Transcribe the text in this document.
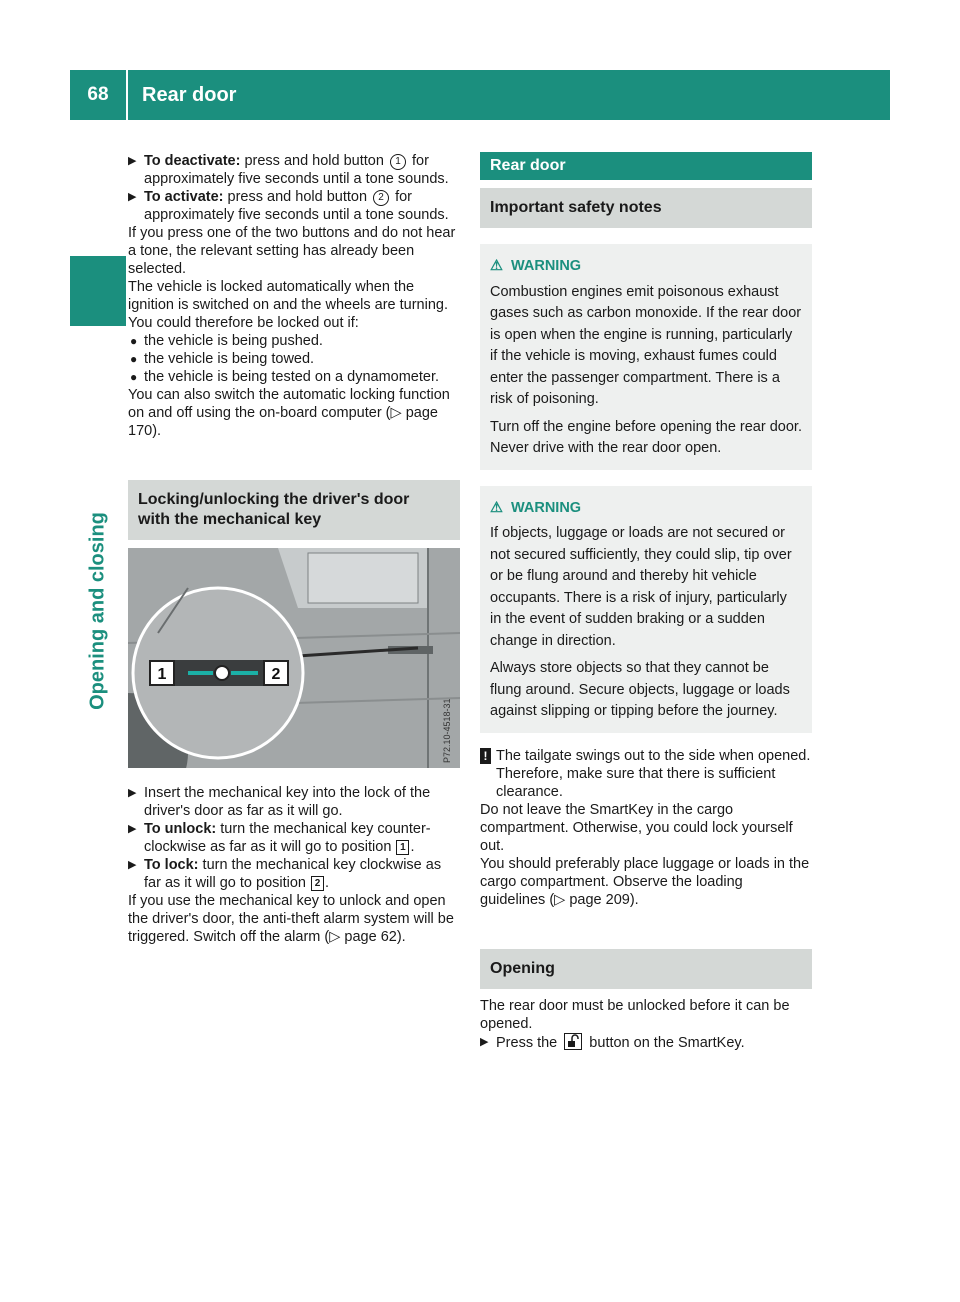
68	Rear door
Opening and closing
▶ To deactivate: press and hold button 1 for approximately five seconds until a tone sounds.
▶ To activate: press and hold button 2 for approximately five seconds until a tone sounds.

If you press one of the two buttons and do not hear a tone, the relevant setting has already been selected.

The vehicle is locked automatically when the ignition is switched on and the wheels are turning.

You could therefore be locked out if:

● the vehicle is being pushed.
● the vehicle is being towed.
● the vehicle is being tested on a dynamometer.

You can also switch the automatic locking function on and off using the on-board computer (▷ page 170).

Locking/unlocking the driver's door
with the mechanical key
1	2
P72.10-4518-31
▶ Insert the mechanical key into the lock of the driver's door as far as it will go.
▶ To unlock: turn the mechanical key counter-clockwise as far as it will go to position 1 .
▶ To lock: turn the mechanical key clockwise as far as it will go to position 2 .

If you use the mechanical key to unlock and open the driver's door, the anti-theft alarm system will be triggered. Switch off the alarm (▷ page 62).

Rear door
Important safety notes
⚠ WARNING

Combustion engines emit poisonous exhaust gases such as carbon monoxide. If the rear door is open when the engine is running, particularly if the vehicle is moving, exhaust fumes could enter the passenger compartment. There is a risk of poisoning.

Turn off the engine before opening the rear door. Never drive with the rear door open.

⚠ WARNING

If objects, luggage or loads are not secured or not secured sufficiently, they could slip, tip over or be flung around and thereby hit vehicle occupants. There is a risk of injury, particularly in the event of sudden braking or a sudden change in direction.

Always store objects so that they cannot be flung around. Secure objects, luggage or loads against slipping or tipping before the journey.

! The tailgate swings out to the side when opened. Therefore, make sure that there is sufficient clearance.

Do not leave the SmartKey in the cargo compartment. Otherwise, you could lock yourself out.

You should preferably place luggage or loads in the cargo compartment. Observe the loading guidelines (▷ page 209).

Opening

The rear door must be unlocked before it can be opened.

▶ Press the  button on the SmartKey.
